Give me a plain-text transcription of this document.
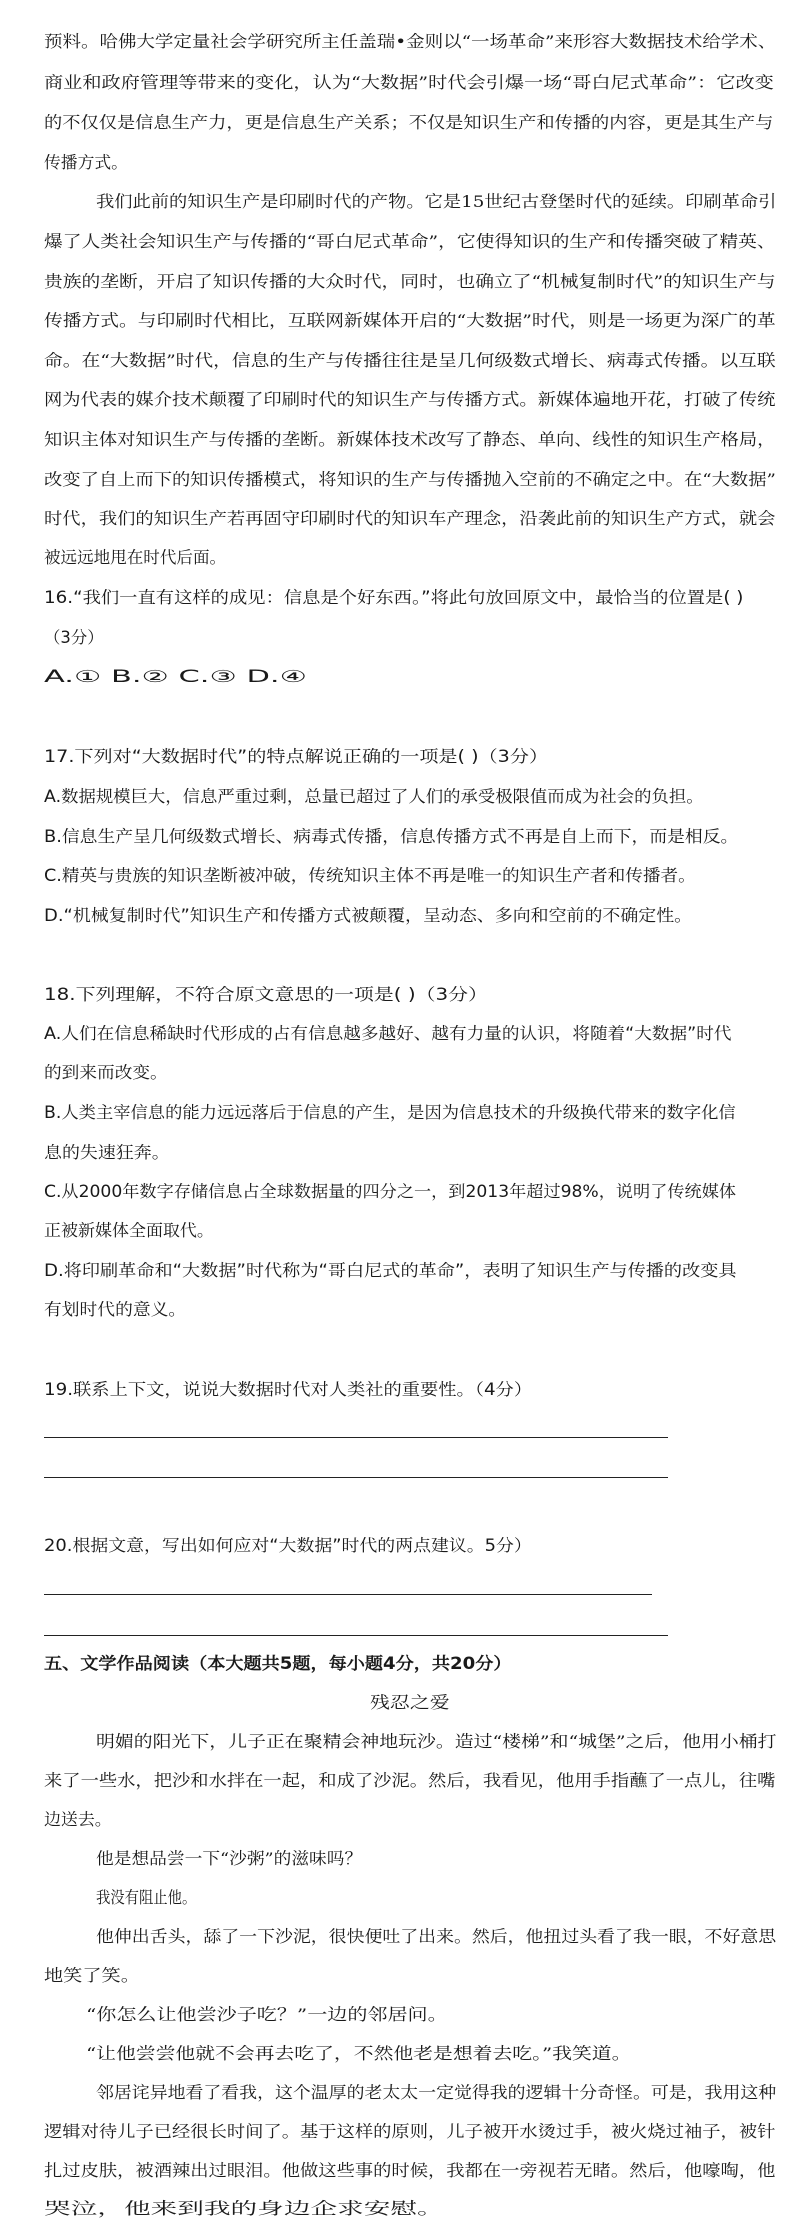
预料。哈佛大学定量社会学研究所主任盖瑞•金则以“一场革命”来形容大数据技术给学术、
商业和政府管理等带来的变化，认为“大数据”时代会引爆一场“哥白尼式革命”：它改变
的不仅仅是信息生产力，更是信息生产关系；不仅是知识生产和传播的内容，更是其生产与
传播方式。
我们此前的知识生产是印刷时代的产物。它是15世纪古登堡时代的延续。印刷革命引
爆了人类社会知识生产与传播的“哥白尼式革命”，它使得知识的生产和传播突破了精英、
贵族的垄断，开启了知识传播的大众时代，同时，也确立了“机械复制时代”的知识生产与
传播方式。与印刷时代相比，互联网新媒体开启的“大数据”时代，则是一场更为深广的革
命。在“大数据”时代，信息的生产与传播往往是呈几何级数式增长、病毒式传播。以互联
网为代表的媒介技术颠覆了印刷时代的知识生产与传播方式。新媒体遍地开花，打破了传统
知识主体对知识生产与传播的垄断。新媒体技术改写了静态、单向、线性的知识生产格局，
改变了自上而下的知识传播模式，将知识的生产与传播抛入空前的不确定之中。在“大数据”
时代，我们的知识生产若再固守印刷时代的知识车产理念，沿袭此前的知识生产方式，就会
被远远地甩在时代后面。
16.“我们一直有这样的成见：信息是个好东西。”将此句放回原文中，最恰当的位置是( )
（3分）
A.① B.② C.③ D.④
17.下列对“大数据时代”的特点解说正确的一项是( )（3分）
A.数据规模巨大，信息严重过剩，总量已超过了人们的承受极限值而成为社会的负担。
B.信息生产呈几何级数式增长、病毒式传播，信息传播方式不再是自上而下，而是相反。
C.精英与贵族的知识垄断被冲破，传统知识主体不再是唯一的知识生产者和传播者。
D.“机械复制时代”知识生产和传播方式被颠覆，呈动态、多向和空前的不确定性。
18.下列理解，不符合原文意思的一项是( )（3分）
A.人们在信息稀缺时代形成的占有信息越多越好、越有力量的认识，将随着“大数据”时代
的到来而改变。
B.人类主宰信息的能力远远落后于信息的产生，是因为信息技术的升级换代带来的数字化信
息的失速狂奔。
C.从2000年数字存储信息占全球数据量的四分之一，到2013年超过98%，说明了传统媒体
正被新媒体全面取代。
D.将印刷革命和“大数据”时代称为“哥白尼式的革命”，表明了知识生产与传播的改变具
有划时代的意义。
19.联系上下文，说说大数据时代对人类社的重要性。（4分）
20.根据文意，写出如何应对“大数据”时代的两点建议。5分）
五、文学作品阅读（本大题共5题，每小题4分，共20分）
残忍之爱
明媚的阳光下，儿子正在聚精会神地玩沙。造过“楼梯”和“城堡”之后，他用小桶打
来了一些水，把沙和水拌在一起，和成了沙泥。然后，我看见，他用手指蘸了一点儿，往嘴
边送去。
他是想品尝一下“沙粥”的滋味吗？
我没有阻止他。
他伸出舌头，舔了一下沙泥，很快便吐了出来。然后，他扭过头看了我一眼，不好意思
地笑了笑。
“你怎么让他尝沙子吃？”一边的邻居问。
“让他尝尝他就不会再去吃了，不然他老是想着去吃。”我笑道。
邻居诧异地看了看我，这个温厚的老太太一定觉得我的逻辑十分奇怪。可是，我用这种
逻辑对待儿子已经很长时间了。基于这样的原则，儿子被开水烫过手，被火烧过袖子，被针
扎过皮肤，被酒辣出过眼泪。他做这些事的时候，我都在一旁视若无睹。然后，他嚎啕，他
哭泣，他来到我的身边企求安慰。
